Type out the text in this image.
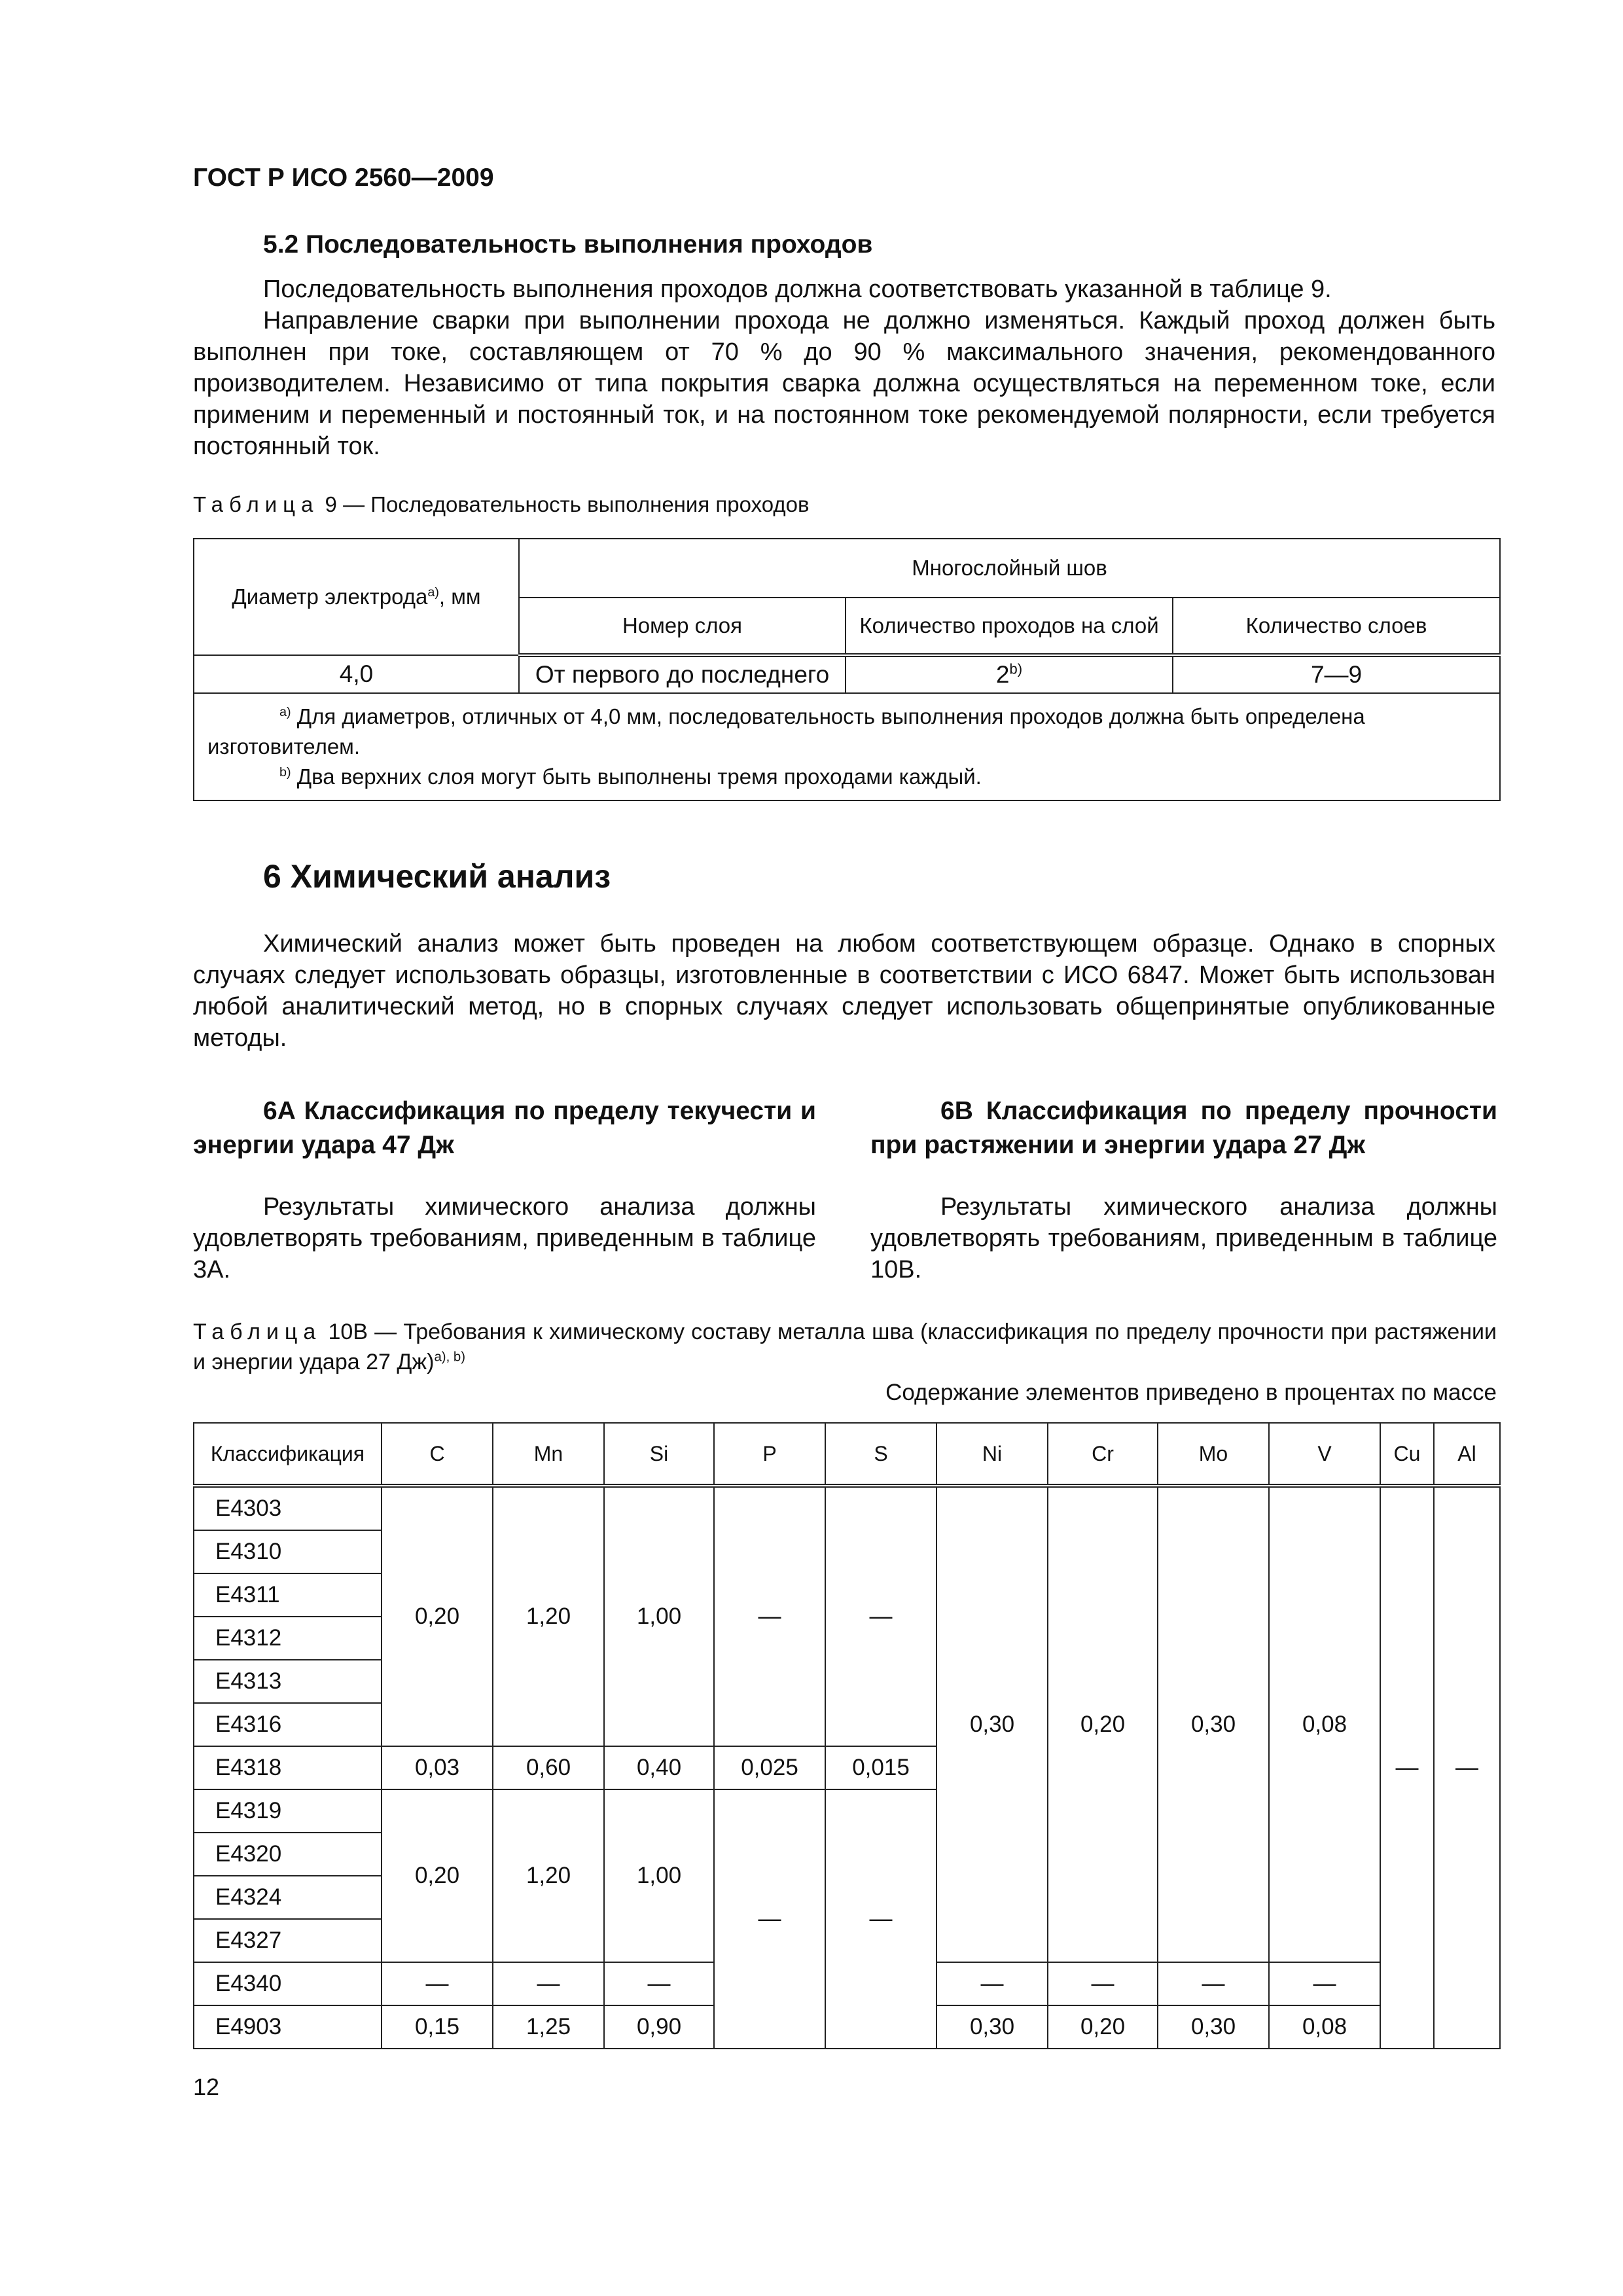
ГОСТ Р ИСО 2560—2009
5.2 Последовательность выполнения проходов

Последовательность выполнения проходов должна соответствовать указанной в таблице 9.

Направление сварки при выполнении прохода не должно изменяться. Каждый проход должен быть выполнен при токе, составляющем от 70 % до 90 % максимального значения, рекомендованного производителем. Независимо от типа покрытия сварка должна осуществляться на переменном токе, если применим и переменный и постоянный ток, и на постоянном токе рекомендуемой полярности, если требуется постоянный ток.

Таблица 9 — Последовательность выполнения проходов
Диаметр электрода$^{a)}$, мм	Многослойный шов		
	Номер слоя	Количество проходов на слой	Количество слоев
4,0	От первого до последнего	2$^{b)}$	7—9

$^{a)}$ Для диаметров, отличных от 4,0 мм, последовательность выполнения проходов должна быть определена изготовителем.
$^{b)}$ Два верхних слоя могут быть выполнены тремя проходами каждый.			
6 Химический анализ

Химический анализ может быть проведен на любом соответствующем образце. Однако в спорных случаях следует использовать образцы, изготовленные в соответствии с ИСО 6847. Может быть использован любой аналитический метод, но в спорных случаях следует использовать общепринятые опубликованные методы.

6А Классификация по пределу текучести и энергии удара 47 Дж
6В Классификация по пределу прочности при растяжении и энергии удара 27 Дж

Результаты химического анализа должны удовлетворять требованиям, приведенным в таблице 3А.

Результаты химического анализа должны удовлетворять требованиям, приведенным в таблице 10В.

Таблица 10В — Требования к химическому составу металла шва (классификация по пределу прочности при растяжении и энергии удара 27 Дж)$^{a), b)}$
Содержание элементов приведено в процентах по массе
Классификация	C	Mn	Si	P	S	Ni	Cr	Mo	V	Cu	Al
E4303	0,20	1,20	1,00	—	—	0,30	0,20	0,30	0,08	—	—
E4310											
E4311											
E4312											
E4313											
E4316											
E4318	0,03	0,60	0,40	0,025	0,015						
E4319	0,20	1,20	1,00	—	—						
E4320											
E4324											
E4327											
E4340	—	—	—			—	—	—	—		
E4903	0,15	1,25	0,90			0,30	0,20	0,30	0,08		
12
